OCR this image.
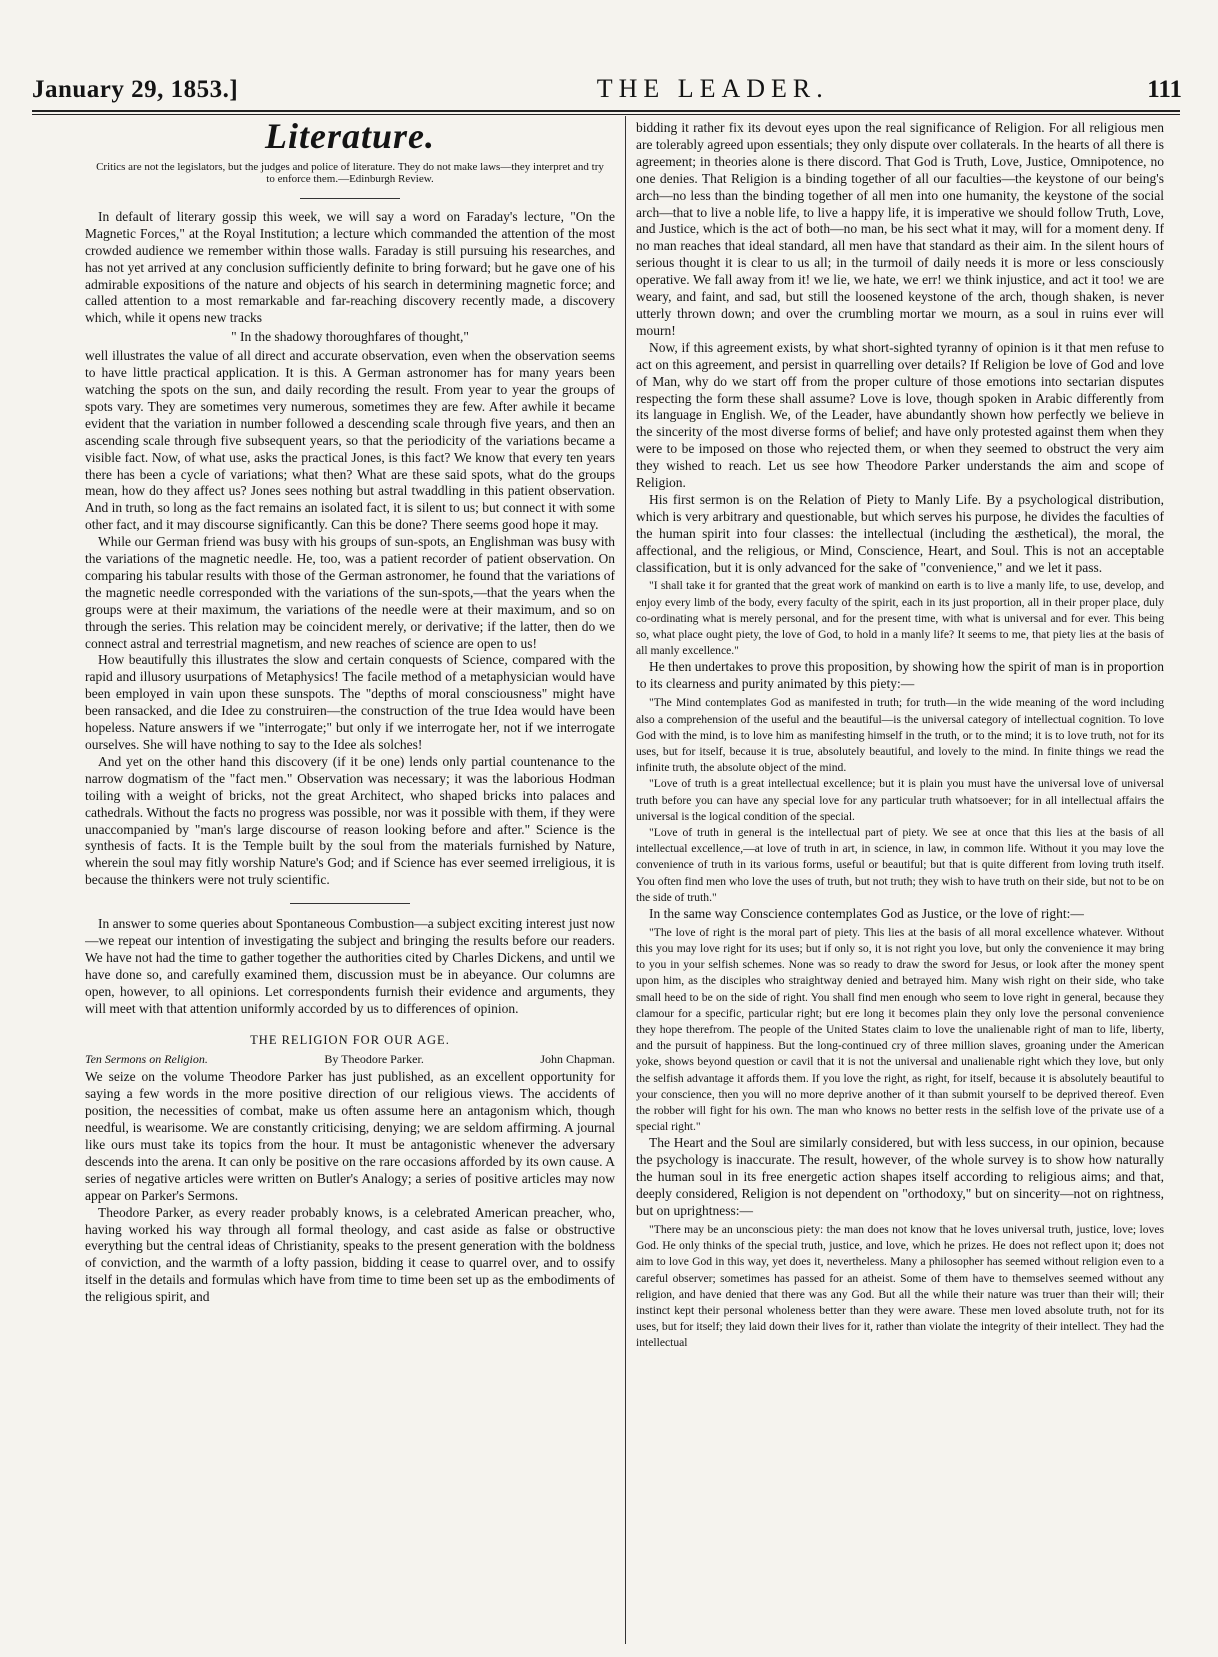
January 29, 1853.]	THE LEADER.	111
Literature.
Critics are not the legislators, but the judges and police of literature. They do not make laws—they interpret and try to enforce them.—Edinburgh Review.

In default of literary gossip this week, we will say a word on Faraday's lecture, "On the Magnetic Forces," at the Royal Institution; a lecture which commanded the attention of the most crowded audience we remember within those walls. Faraday is still pursuing his researches, and has not yet arrived at any conclusion sufficiently definite to bring forward; but he gave one of his admirable expositions of the nature and objects of his search in determining magnetic force; and called attention to a most remarkable and far-reaching discovery recently made, a discovery which, while it opens new tracks

" In the shadowy thoroughfares of thought,"

well illustrates the value of all direct and accurate observation, even when the observation seems to have little practical application. It is this. A German astronomer has for many years been watching the spots on the sun, and daily recording the result. From year to year the groups of spots vary. They are sometimes very numerous, sometimes they are few. After awhile it became evident that the variation in number followed a descending scale through five years, and then an ascending scale through five subsequent years, so that the periodicity of the variations became a visible fact. Now, of what use, asks the practical Jones, is this fact? We know that every ten years there has been a cycle of variations; what then? What are these said spots, what do the groups mean, how do they affect us? Jones sees nothing but astral twaddling in this patient observation. And in truth, so long as the fact remains an isolated fact, it is silent to us; but connect it with some other fact, and it may discourse significantly. Can this be done? There seems good hope it may.

While our German friend was busy with his groups of sun-spots, an Englishman was busy with the variations of the magnetic needle. He, too, was a patient recorder of patient observation. On comparing his tabular results with those of the German astronomer, he found that the variations of the magnetic needle corresponded with the variations of the sun-spots,—that the years when the groups were at their maximum, the variations of the needle were at their maximum, and so on through the series. This relation may be coincident merely, or derivative; if the latter, then do we connect astral and terrestrial magnetism, and new reaches of science are open to us!

How beautifully this illustrates the slow and certain conquests of Science, compared with the rapid and illusory usurpations of Metaphysics! The facile method of a metaphysician would have been employed in vain upon these sunspots. The "depths of moral consciousness" might have been ransacked, and die Idee zu construiren—the construction of the true Idea would have been hopeless. Nature answers if we "interrogate;" but only if we interrogate her, not if we interrogate ourselves. She will have nothing to say to the Idee als solches!

And yet on the other hand this discovery (if it be one) lends only partial countenance to the narrow dogmatism of the "fact men." Observation was necessary; it was the laborious Hodman toiling with a weight of bricks, not the great Architect, who shaped bricks into palaces and cathedrals. Without the facts no progress was possible, nor was it possible with them, if they were unaccompanied by "man's large discourse of reason looking before and after." Science is the synthesis of facts. It is the Temple built by the soul from the materials furnished by Nature, wherein the soul may fitly worship Nature's God; and if Science has ever seemed irreligious, it is because the thinkers were not truly scientific.

In answer to some queries about Spontaneous Combustion—a subject exciting interest just now—we repeat our intention of investigating the subject and bringing the results before our readers. We have not had the time to gather together the authorities cited by Charles Dickens, and until we have done so, and carefully examined them, discussion must be in abeyance. Our columns are open, however, to all opinions. Let correspondents furnish their evidence and arguments, they will meet with that attention uniformly accorded by us to differences of opinion.

THE RELIGION FOR OUR AGE.

Ten Sermons on Religion.	By Theodore Parker.	John Chapman.

We seize on the volume Theodore Parker has just published, as an excellent opportunity for saying a few words in the more positive direction of our religious views. The accidents of position, the necessities of combat, make us often assume here an antagonism which, though needful, is wearisome. We are constantly criticising, denying; we are seldom affirming. A journal like ours must take its topics from the hour. It must be antagonistic whenever the adversary descends into the arena. It can only be positive on the rare occasions afforded by its own cause. A series of negative articles were written on Butler's Analogy; a series of positive articles may now appear on Parker's Sermons.

Theodore Parker, as every reader probably knows, is a celebrated American preacher, who, having worked his way through all formal theology, and cast aside as false or obstructive everything but the central ideas of Christianity, speaks to the present generation with the boldness of conviction, and the warmth of a lofty passion, bidding it cease to quarrel over, and to ossify itself in the details and formulas which have from time to time been set up as the embodiments of the religious spirit, and

bidding it rather fix its devout eyes upon the real significance of Religion. For all religious men are tolerably agreed upon essentials; they only dispute over collaterals. In the hearts of all there is agreement; in theories alone is there discord. That God is Truth, Love, Justice, Omnipotence, no one denies. That Religion is a binding together of all our faculties—the keystone of our being's arch—no less than the binding together of all men into one humanity, the keystone of the social arch—that to live a noble life, to live a happy life, it is imperative we should follow Truth, Love, and Justice, which is the act of both—no man, be his sect what it may, will for a moment deny. If no man reaches that ideal standard, all men have that standard as their aim. In the silent hours of serious thought it is clear to us all; in the turmoil of daily needs it is more or less consciously operative. We fall away from it! we lie, we hate, we err! we think injustice, and act it too! we are weary, and faint, and sad, but still the loosened keystone of the arch, though shaken, is never utterly thrown down; and over the crumbling mortar we mourn, as a soul in ruins ever will mourn!

Now, if this agreement exists, by what short-sighted tyranny of opinion is it that men refuse to act on this agreement, and persist in quarrelling over details? If Religion be love of God and love of Man, why do we start off from the proper culture of those emotions into sectarian disputes respecting the form these shall assume? Love is love, though spoken in Arabic differently from its language in English. We, of the Leader, have abundantly shown how perfectly we believe in the sincerity of the most diverse forms of belief; and have only protested against them when they were to be imposed on those who rejected them, or when they seemed to obstruct the very aim they wished to reach. Let us see how Theodore Parker understands the aim and scope of Religion.

His first sermon is on the Relation of Piety to Manly Life. By a psychological distribution, which is very arbitrary and questionable, but which serves his purpose, he divides the faculties of the human spirit into four classes: the intellectual (including the æsthetical), the moral, the affectional, and the religious, or Mind, Conscience, Heart, and Soul. This is not an acceptable classification, but it is only advanced for the sake of "convenience," and we let it pass.

"I shall take it for granted that the great work of mankind on earth is to live a manly life, to use, develop, and enjoy every limb of the body, every faculty of the spirit, each in its just proportion, all in their proper place, duly co-ordinating what is merely personal, and for the present time, with what is universal and for ever. This being so, what place ought piety, the love of God, to hold in a manly life? It seems to me, that piety lies at the basis of all manly excellence."

He then undertakes to prove this proposition, by showing how the spirit of man is in proportion to its clearness and purity animated by this piety:—

"The Mind contemplates God as manifested in truth; for truth—in the wide meaning of the word including also a comprehension of the useful and the beautiful—is the universal category of intellectual cognition. To love God with the mind, is to love him as manifesting himself in the truth, or to the mind; it is to love truth, not for its uses, but for itself, because it is true, absolutely beautiful, and lovely to the mind. In finite things we read the infinite truth, the absolute object of the mind.

"Love of truth is a great intellectual excellence; but it is plain you must have the universal love of universal truth before you can have any special love for any particular truth whatsoever; for in all intellectual affairs the universal is the logical condition of the special.

"Love of truth in general is the intellectual part of piety. We see at once that this lies at the basis of all intellectual excellence,—at love of truth in art, in science, in law, in common life. Without it you may love the convenience of truth in its various forms, useful or beautiful; but that is quite different from loving truth itself. You often find men who love the uses of truth, but not truth; they wish to have truth on their side, but not to be on the side of truth."

In the same way Conscience contemplates God as Justice, or the love of right:—

"The love of right is the moral part of piety. This lies at the basis of all moral excellence whatever. Without this you may love right for its uses; but if only so, it is not right you love, but only the convenience it may bring to you in your selfish schemes. None was so ready to draw the sword for Jesus, or look after the money spent upon him, as the disciples who straightway denied and betrayed him. Many wish right on their side, who take small heed to be on the side of right. You shall find men enough who seem to love right in general, because they clamour for a specific, particular right; but ere long it becomes plain they only love the personal convenience they hope therefrom. The people of the United States claim to love the unalienable right of man to life, liberty, and the pursuit of happiness. But the long-continued cry of three million slaves, groaning under the American yoke, shows beyond question or cavil that it is not the universal and unalienable right which they love, but only the selfish advantage it affords them. If you love the right, as right, for itself, because it is absolutely beautiful to your conscience, then you will no more deprive another of it than submit yourself to be deprived thereof. Even the robber will fight for his own. The man who knows no better rests in the selfish love of the private use of a special right."

The Heart and the Soul are similarly considered, but with less success, in our opinion, because the psychology is inaccurate. The result, however, of the whole survey is to show how naturally the human soul in its free energetic action shapes itself according to religious aims; and that, deeply considered, Religion is not dependent on "orthodoxy," but on sincerity—not on rightness, but on uprightness:—

"There may be an unconscious piety: the man does not know that he loves universal truth, justice, love; loves God. He only thinks of the special truth, justice, and love, which he prizes. He does not reflect upon it; does not aim to love God in this way, yet does it, nevertheless. Many a philosopher has seemed without religion even to a careful observer; sometimes has passed for an atheist. Some of them have to themselves seemed without any religion, and have denied that there was any God. But all the while their nature was truer than their will; their instinct kept their personal wholeness better than they were aware. These men loved absolute truth, not for its uses, but for itself; they laid down their lives for it, rather than violate the integrity of their intellect. They had the intellectual
